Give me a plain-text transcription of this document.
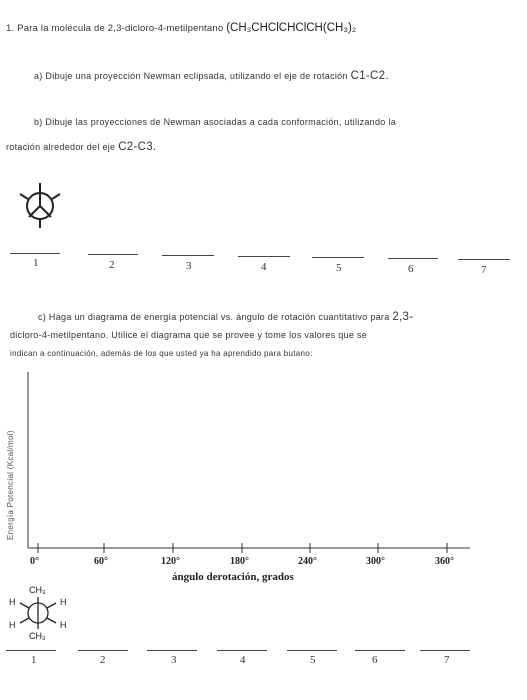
1. Para la molécula de 2,3-dicloro-4-metilpentano (CH₃CHClCHClCH(CH₃)₂
a) Dibuje una proyección Newman eclipsada, utilizando el eje de rotación C1-C2.
b) Dibuje las proyecciones de Newman asociadas a cada conformación, utilizando la
rotación alrededor del eje C2-C3.
1	2	3	4	5	6	7
c) Haga un diagrama de energía potencial vs. ángulo de rotación cuantitativo para 2,3-
dicloro-4-metilpentano. Utilice el diagrama que se provee y tome los valores que se
indican a continuación, además de los que usted ya ha aprendido para butano:
Energía Potencial (Kcal/mol)
0°	60°	120°	180°	240°	300°	360°
ángulo derotación, grados
CH₃
CH₃
H	H
H	H
1	2	3	4	5	6	7
